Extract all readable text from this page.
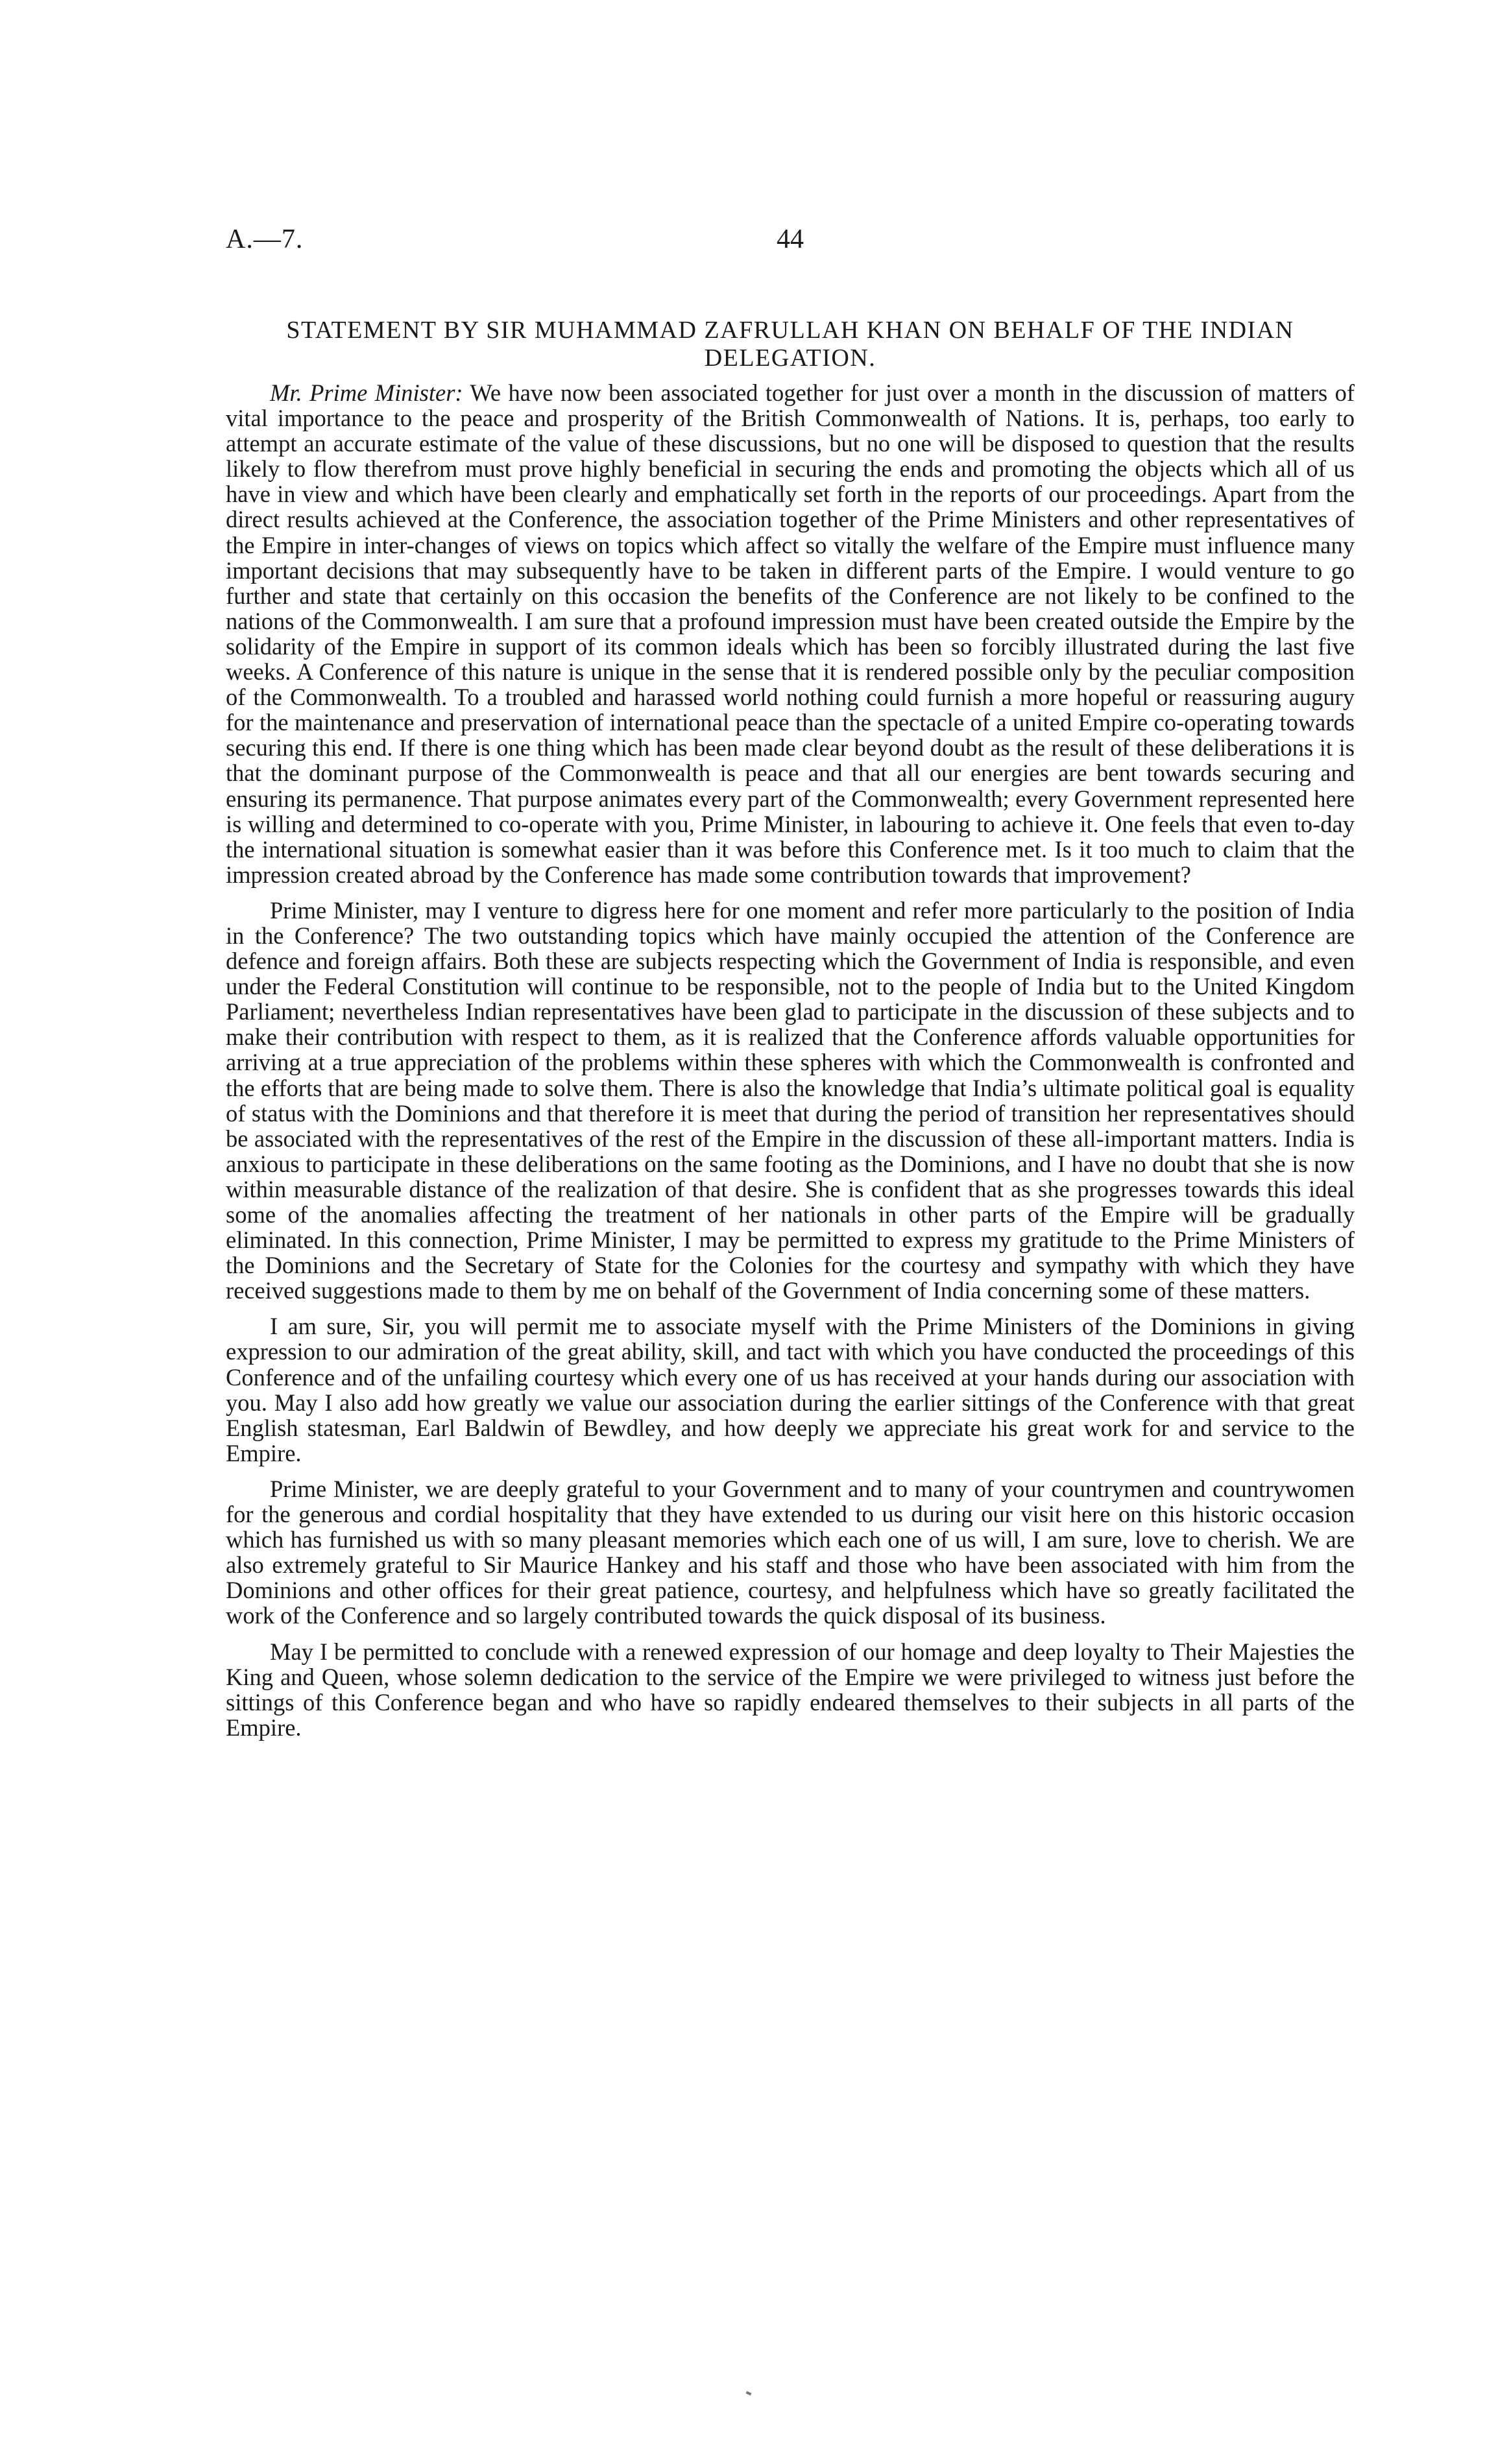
A.—7.	44
STATEMENT BY SIR MUHAMMAD ZAFRULLAH KHAN ON BEHALF OF THE INDIAN DELEGATION.

Mr. Prime Minister: We have now been associated together for just over a month in the discussion of matters of vital importance to the peace and prosperity of the British Commonwealth of Nations. It is, perhaps, too early to attempt an accurate estimate of the value of these discussions, but no one will be disposed to question that the results likely to flow therefrom must prove highly beneficial in securing the ends and promoting the objects which all of us have in view and which have been clearly and emphatically set forth in the reports of our proceedings. Apart from the direct results achieved at the Conference, the association together of the Prime Ministers and other representatives of the Empire in inter-changes of views on topics which affect so vitally the welfare of the Empire must influence many important decisions that may subsequently have to be taken in different parts of the Empire. I would venture to go further and state that certainly on this occasion the benefits of the Conference are not likely to be confined to the nations of the Commonwealth. I am sure that a profound impression must have been created outside the Empire by the solidarity of the Empire in support of its common ideals which has been so forcibly illustrated during the last five weeks. A Conference of this nature is unique in the sense that it is rendered possible only by the peculiar composition of the Commonwealth. To a troubled and harassed world nothing could furnish a more hopeful or reassuring augury for the maintenance and preservation of international peace than the spectacle of a united Empire co-operating towards securing this end. If there is one thing which has been made clear beyond doubt as the result of these deliberations it is that the dominant purpose of the Commonwealth is peace and that all our energies are bent towards securing and ensuring its permanence. That purpose animates every part of the Commonwealth; every Government represented here is willing and determined to co-operate with you, Prime Minister, in labouring to achieve it. One feels that even to-day the international situation is somewhat easier than it was before this Conference met. Is it too much to claim that the impression created abroad by the Conference has made some contribution towards that improvement?

Prime Minister, may I venture to digress here for one moment and refer more particularly to the position of India in the Conference? The two outstanding topics which have mainly occupied the attention of the Conference are defence and foreign affairs. Both these are subjects respecting which the Government of India is responsible, and even under the Federal Constitution will continue to be responsible, not to the people of India but to the United Kingdom Parliament; nevertheless Indian representatives have been glad to participate in the discussion of these subjects and to make their contribution with respect to them, as it is realized that the Conference affords valuable opportunities for arriving at a true appreciation of the problems within these spheres with which the Commonwealth is confronted and the efforts that are being made to solve them. There is also the knowledge that India’s ultimate political goal is equality of status with the Dominions and that therefore it is meet that during the period of transition her representatives should be associated with the representatives of the rest of the Empire in the discussion of these all-important matters. India is anxious to participate in these deliberations on the same footing as the Dominions, and I have no doubt that she is now within measurable distance of the realization of that desire. She is confident that as she progresses towards this ideal some of the anomalies affecting the treatment of her nationals in other parts of the Empire will be gradually eliminated. In this connection, Prime Minister, I may be permitted to express my gratitude to the Prime Ministers of the Dominions and the Secretary of State for the Colonies for the courtesy and sympathy with which they have received suggestions made to them by me on behalf of the Government of India concerning some of these matters.

I am sure, Sir, you will permit me to associate myself with the Prime Ministers of the Dominions in giving expression to our admiration of the great ability, skill, and tact with which you have conducted the proceedings of this Conference and of the unfailing courtesy which every one of us has received at your hands during our association with you. May I also add how greatly we value our association during the earlier sittings of the Conference with that great English statesman, Earl Baldwin of Bewdley, and how deeply we appreciate his great work for and service to the Empire.

Prime Minister, we are deeply grateful to your Government and to many of your countrymen and countrywomen for the generous and cordial hospitality that they have extended to us during our visit here on this historic occasion which has furnished us with so many pleasant memories which each one of us will, I am sure, love to cherish. We are also extremely grateful to Sir Maurice Hankey and his staff and those who have been associated with him from the Dominions and other offices for their great patience, courtesy, and helpfulness which have so greatly facilitated the work of the Conference and so largely contributed towards the quick disposal of its business.

May I be permitted to conclude with a renewed expression of our homage and deep loyalty to Their Majesties the King and Queen, whose solemn dedication to the service of the Empire we were privileged to witness just before the sittings of this Conference began and who have so rapidly endeared themselves to their subjects in all parts of the Empire.
